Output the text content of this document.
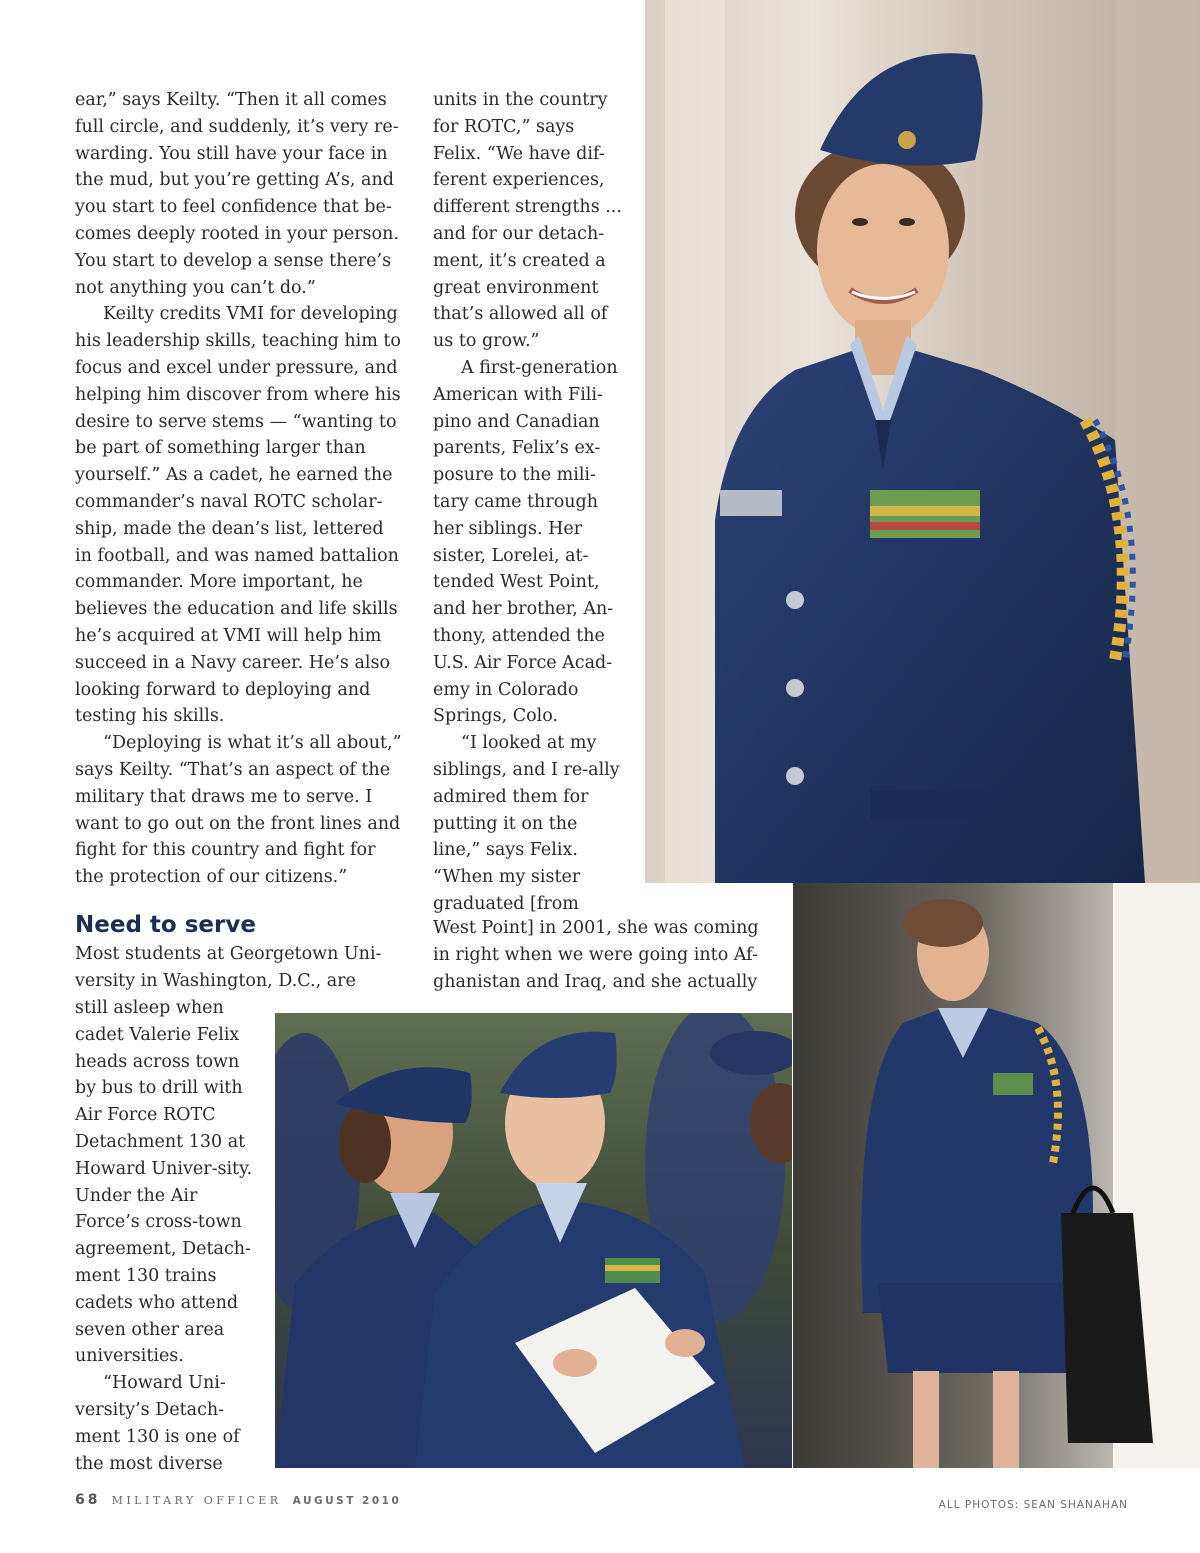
ear,” says Keilty. “Then it all comes full circle, and suddenly, it’s very re-warding. You still have your face in the mud, but you’re getting A’s, and you start to feel confidence that be-comes deeply rooted in your person. You start to develop a sense there’s not anything you can’t do.”

Keilty credits VMI for developing his leadership skills, teaching him to focus and excel under pressure, and helping him discover from where his desire to serve stems — “wanting to be part of something larger than yourself.” As a cadet, he earned the commander’s naval ROTC scholar-ship, made the dean’s list, lettered in football, and was named battalion commander. More important, he believes the education and life skills he’s acquired at VMI will help him succeed in a Navy career. He’s also looking forward to deploying and testing his skills.

“Deploying is what it’s all about,” says Keilty. “That’s an aspect of the military that draws me to serve. I want to go out on the front lines and fight for this country and fight for the protection of our citizens.”

Need to serve

Most students at Georgetown Uni-versity in Washington, D.C., are

still asleep when cadet Valerie Felix heads across town by bus to drill with Air Force ROTC Detachment 130 at Howard Univer-sity. Under the Air Force’s cross-town agreement, Detach-ment 130 trains cadets who attend seven other area universities.

“Howard Uni-versity’s Detach-ment 130 is one of the most diverse

units in the country for ROTC,” says Felix. “We have dif-ferent experiences, different strengths ... and for our detach-ment, it’s created a great environment that’s allowed all of us to grow.”

A first-generation American with Fili-pino and Canadian parents, Felix’s ex-posure to the mili-tary came through her siblings. Her sister, Lorelei, at-tended West Point, and her brother, An-thony, attended the U.S. Air Force Acad-emy in Colorado Springs, Colo.

“I looked at my siblings, and I re-ally admired them for putting it on the line,” says Felix. “When my sister graduated [from

West Point] in 2001, she was coming in right when we were going into Af-ghanistan and Iraq, and she actually

68 MILITARY OFFICER AUGUST 2010	ALL PHOTOS: SEAN SHANAHAN
